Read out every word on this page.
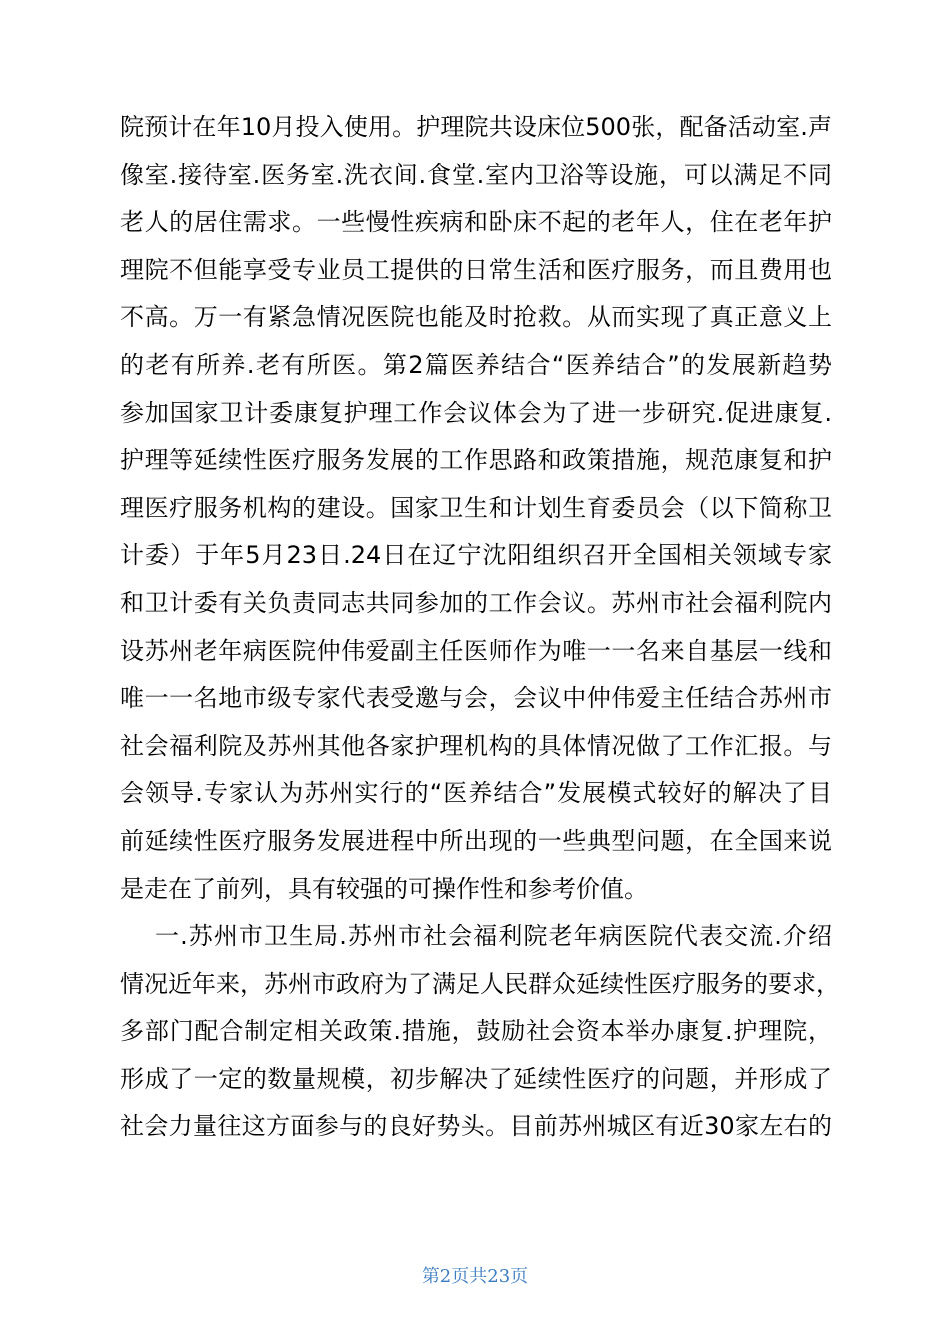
院预计在年10月投入使用。护理院共设床位500张，配备活动室.声
像室.接待室.医务室.洗衣间.食堂.室内卫浴等设施，可以满足不同
老人的居住需求。一些慢性疾病和卧床不起的老年人，住在老年护
理院不但能享受专业员工提供的日常生活和医疗服务，而且费用也
不高。万一有紧急情况医院也能及时抢救。从而实现了真正意义上
的老有所养.老有所医。第2篇医养结合“医养结合”的发展新趋势
参加国家卫计委康复护理工作会议体会为了进一步研究.促进康复.
护理等延续性医疗服务发展的工作思路和政策措施，规范康复和护
理医疗服务机构的建设。国家卫生和计划生育委员会（以下简称卫
计委）于年5月23日.24日在辽宁沈阳组织召开全国相关领域专家
和卫计委有关负责同志共同参加的工作会议。苏州市社会福利院内
设苏州老年病医院仲伟爱副主任医师作为唯一一名来自基层一线和
唯一一名地市级专家代表受邀与会，会议中仲伟爱主任结合苏州市
社会福利院及苏州其他各家护理机构的具体情况做了工作汇报。与
会领导.专家认为苏州实行的“医养结合”发展模式较好的解决了目
前延续性医疗服务发展进程中所出现的一些典型问题，在全国来说
是走在了前列，具有较强的可操作性和参考价值。
一.苏州市卫生局.苏州市社会福利院老年病医院代表交流.介绍
情况近年来，苏州市政府为了满足人民群众延续性医疗服务的要求，
多部门配合制定相关政策.措施，鼓励社会资本举办康复.护理院，
形成了一定的数量规模，初步解决了延续性医疗的问题，并形成了
社会力量往这方面参与的良好势头。目前苏州城区有近30家左右的
第2页共23页
